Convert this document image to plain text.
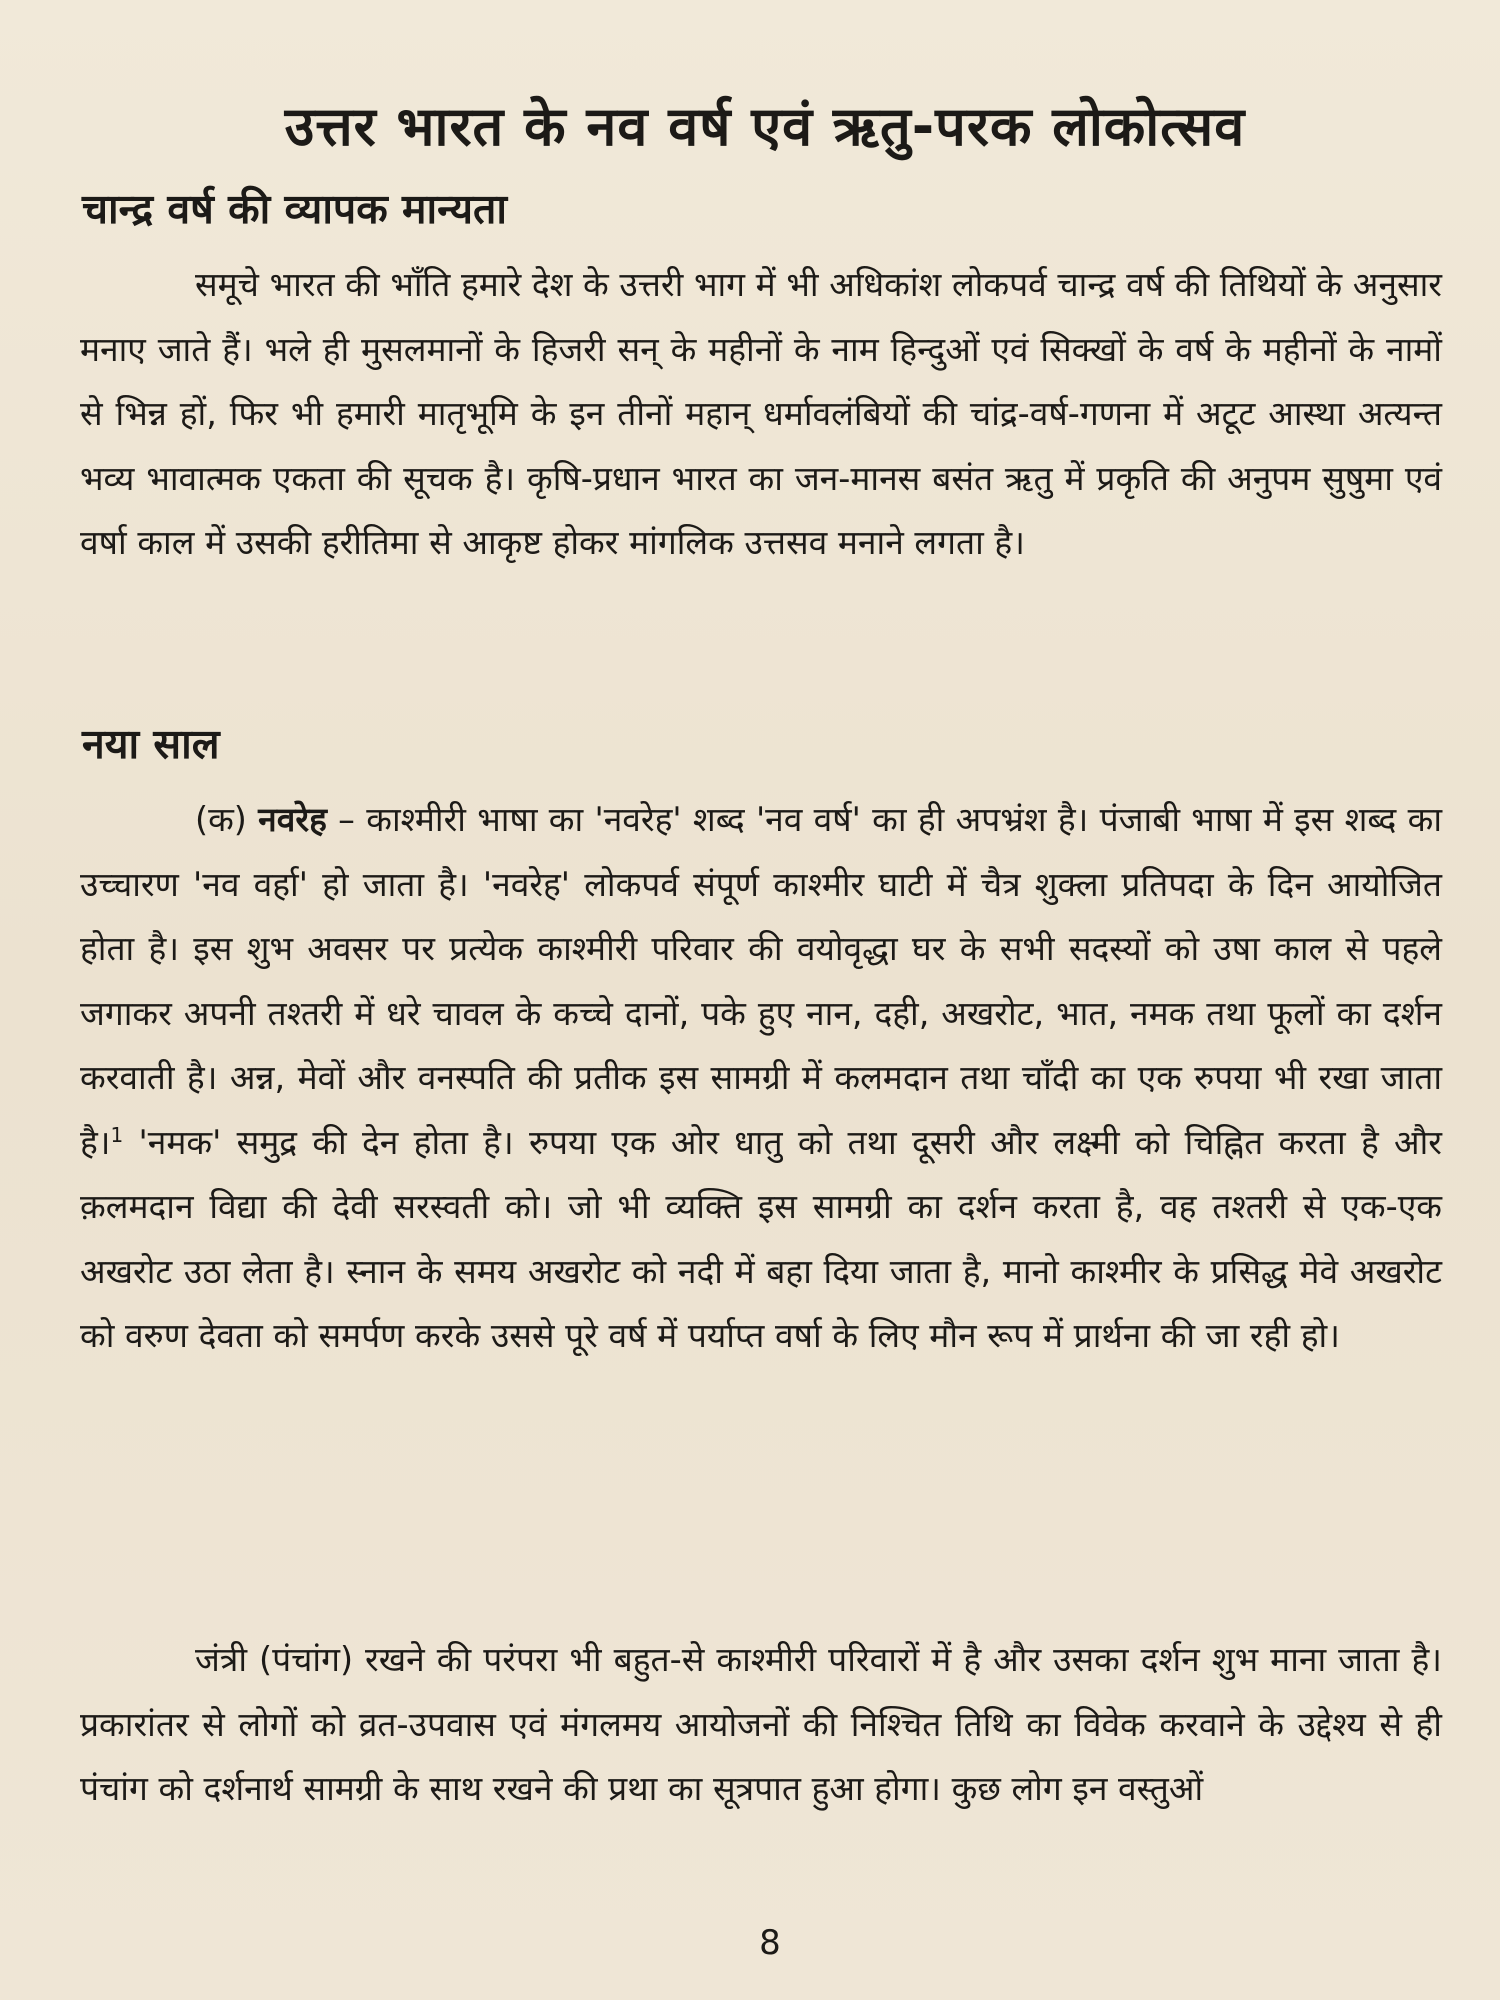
उत्तर भारत के नव वर्ष एवं ऋतु-परक लोकोत्सव
चान्द्र वर्ष की व्यापक मान्यता

समूचे भारत की भाँति हमारे देश के उत्तरी भाग में भी अधिकांश लोकपर्व चान्द्र वर्ष की तिथियों के अनुसार मनाए जाते हैं। भले ही मुसलमानों के हिजरी सन् के महीनों के नाम हिन्दुओं एवं सिक्खों के वर्ष के महीनों के नामों से भिन्न हों, फिर भी हमारी मातृभूमि के इन तीनों महान् धर्मावलंबियों की चांद्र-वर्ष-गणना में अटूट आस्था अत्यन्त भव्य भावात्मक एकता की सूचक है। कृषि-प्रधान भारत का जन-मानस बसंत ऋतु में प्रकृति की अनुपम सुषुमा एवं वर्षा काल में उसकी हरीतिमा से आकृष्ट होकर मांगलिक उत्तसव मनाने लगता है।

नया साल

(क) नवरेह – काश्मीरी भाषा का 'नवरेह' शब्द 'नव वर्ष' का ही अपभ्रंश है। पंजाबी भाषा में इस शब्द का उच्चारण 'नव वर्हा' हो जाता है। 'नवरेह' लोकपर्व संपूर्ण काश्मीर घाटी में चैत्र शुक्ला प्रतिपदा के दिन आयोजित होता है। इस शुभ अवसर पर प्रत्येक काश्मीरी परिवार की वयोवृद्धा घर के सभी सदस्यों को उषा काल से पहले जगाकर अपनी तश्तरी में धरे चावल के कच्चे दानों, पके हुए नान, दही, अखरोट, भात, नमक तथा फूलों का दर्शन करवाती है। अन्न, मेवों और वनस्पति की प्रतीक इस सामग्री में कलमदान तथा चाँदी का एक रुपया भी रखा जाता है।$^1$ 'नमक' समुद्र की देन होता है। रुपया एक ओर धातु को तथा दूसरी और लक्ष्मी को चिह्नित करता है और क़लमदान विद्या की देवी सरस्वती को। जो भी व्यक्ति इस सामग्री का दर्शन करता है, वह तश्तरी से एक-एक अखरोट उठा लेता है। स्नान के समय अखरोट को नदी में बहा दिया जाता है, मानो काश्मीर के प्रसिद्ध मेवे अखरोट को वरुण देवता को समर्पण करके उससे पूरे वर्ष में पर्याप्त वर्षा के लिए मौन रूप में प्रार्थना की जा रही हो।

जंत्री (पंचांग) रखने की परंपरा भी बहुत-से काश्मीरी परिवारों में है और उसका दर्शन शुभ माना जाता है। प्रकारांतर से लोगों को व्रत-उपवास एवं मंगलमय आयोजनों की निश्चित तिथि का विवेक करवाने के उद्देश्य से ही पंचांग को दर्शनार्थ सामग्री के साथ रखने की प्रथा का सूत्रपात हुआ होगा। कुछ लोग इन वस्तुओं

8
